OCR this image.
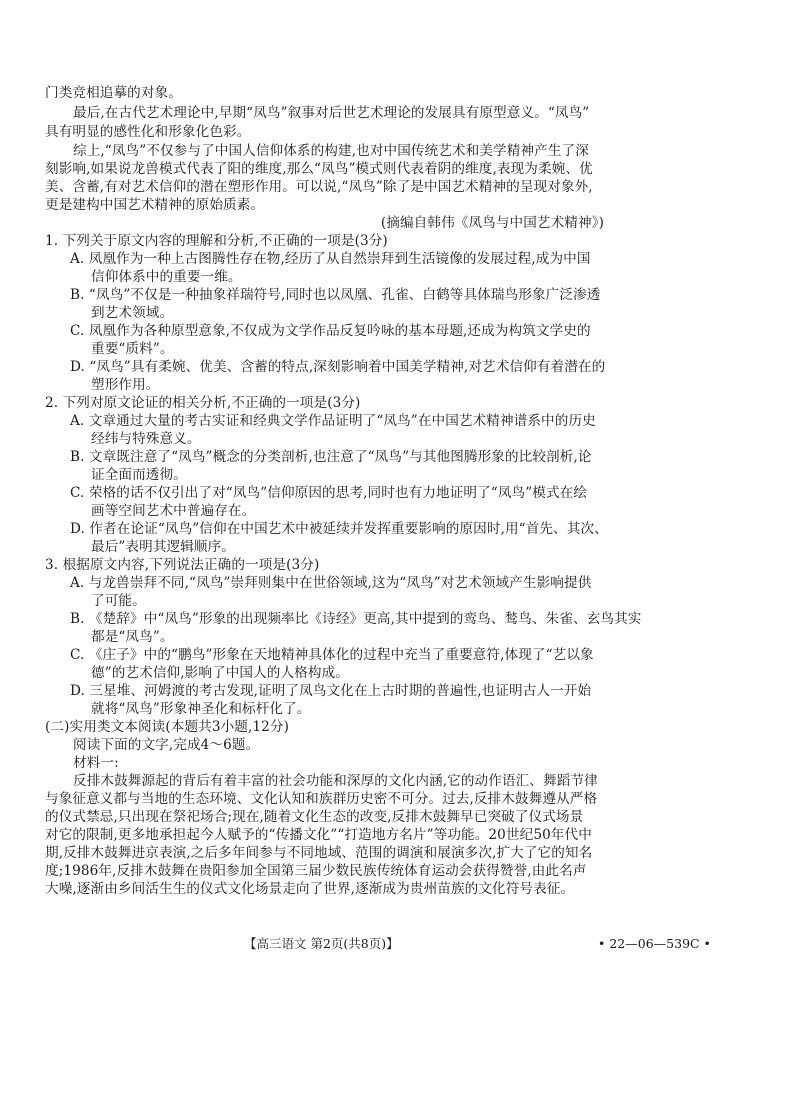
门类竞相追摹的对象。
最后,在古代艺术理论中,早期“凤鸟”叙事对后世艺术理论的发展具有原型意义。“凤鸟”
具有明显的感性化和形象化色彩。
综上,“凤鸟”不仅参与了中国人信仰体系的构建,也对中国传统艺术和美学精神产生了深
刻影响,如果说龙兽模式代表了阳的维度,那么“凤鸟”模式则代表着阴的维度,表现为柔婉、优
美、含蓄,有对艺术信仰的潜在塑形作用。可以说,“凤鸟”除了是中国艺术精神的呈现对象外,
更是建构中国艺术精神的原始质素。
(摘编自韩伟《凤鸟与中国艺术精神》)
1. 下列关于原文内容的理解和分析,不正确的一项是(3分)
A. 凤凰作为一种上古图腾性存在物,经历了从自然崇拜到生活镜像的发展过程,成为中国
信仰体系中的重要一维。
B. “凤鸟”不仅是一种抽象祥瑞符号,同时也以凤凰、孔雀、白鹤等具体瑞鸟形象广泛渗透
到艺术领域。
C. 凤凰作为各种原型意象,不仅成为文学作品反复吟咏的基本母题,还成为构筑文学史的
重要“质料”。
D. “凤鸟”具有柔婉、优美、含蓄的特点,深刻影响着中国美学精神,对艺术信仰有着潜在的
塑形作用。
2. 下列对原文论证的相关分析,不正确的一项是(3分)
A. 文章通过大量的考古实证和经典文学作品证明了“凤鸟”在中国艺术精神谱系中的历史
经纬与特殊意义。
B. 文章既注意了“凤鸟”概念的分类剖析,也注意了“凤鸟”与其他图腾形象的比较剖析,论
证全面而透彻。
C. 荣格的话不仅引出了对“凤鸟”信仰原因的思考,同时也有力地证明了“凤鸟”模式在绘
画等空间艺术中普遍存在。
D. 作者在论证“凤鸟”信仰在中国艺术中被延续并发挥重要影响的原因时,用“首先、其次、
最后”表明其逻辑顺序。
3. 根据原文内容,下列说法正确的一项是(3分)
A. 与龙兽崇拜不同,“凤鸟”崇拜则集中在世俗领域,这为“凤鸟”对艺术领域产生影响提供
了可能。
B. 《楚辞》中“凤鸟”形象的出现频率比《诗经》更高,其中提到的鸾鸟、鹙鸟、朱雀、玄鸟其实
都是“凤鸟”。
C. 《庄子》中的“鹏鸟”形象在天地精神具体化的过程中充当了重要意符,体现了“艺以象
德”的艺术信仰,影响了中国人的人格构成。
D. 三星堆、河姆渡的考古发现,证明了凤鸟文化在上古时期的普遍性,也证明古人一开始
就将“凤鸟”形象神圣化和标杆化了。
(二)实用类文本阅读(本题共3小题,12分)
阅读下面的文字,完成4～6题。
材料一:
反排木鼓舞源起的背后有着丰富的社会功能和深厚的文化内涵,它的动作语汇、舞蹈节律
与象征意义都与当地的生态环境、文化认知和族群历史密不可分。过去,反排木鼓舞遵从严格
的仪式禁忌,只出现在祭祀场合;现在,随着文化生态的改变,反排木鼓舞早已突破了仪式场景
对它的限制,更多地承担起今人赋予的“传播文化”“打造地方名片”等功能。20世纪50年代中
期,反排木鼓舞进京表演,之后多年间参与不同地域、范围的调演和展演多次,扩大了它的知名
度;1986年,反排木鼓舞在贵阳参加全国第三届少数民族传统体育运动会获得赞誉,由此名声
大噪,逐渐由乡间活生生的仪式文化场景走向了世界,逐渐成为贵州苗族的文化符号表征。
【高三语文 第2页(共8页)】	• 22—06—539C •
